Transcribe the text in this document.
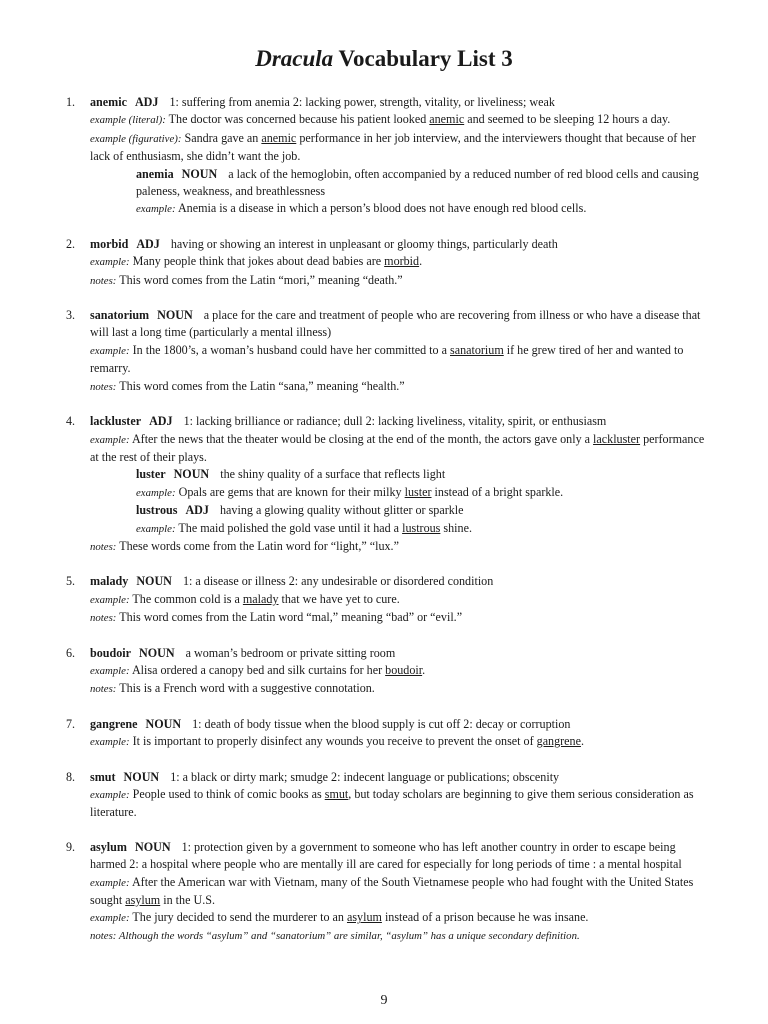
Dracula Vocabulary List 3
1. anemic ADJ 1: suffering from anemia 2: lacking power, strength, vitality, or liveliness; weak
example (literal): The doctor was concerned because his patient looked anemic and seemed to be sleeping 12 hours a day.
example (figurative): Sandra gave an anemic performance in her job interview, and the interviewers thought that because of her lack of enthusiasm, she didn’t want the job.
anemia NOUN a lack of the hemoglobin, often accompanied by a reduced number of red blood cells and causing paleness, weakness, and breathlessness
example: Anemia is a disease in which a person’s blood does not have enough red blood cells.
2. morbid ADJ having or showing an interest in unpleasant or gloomy things, particularly death
example: Many people think that jokes about dead babies are morbid.
notes: This word comes from the Latin “mori,” meaning “death.”
3. sanatorium NOUN a place for the care and treatment of people who are recovering from illness or who have a disease that will last a long time (particularly a mental illness)
example: In the 1800’s, a woman’s husband could have her committed to a sanatorium if he grew tired of her and wanted to remarry.
notes: This word comes from the Latin “sana,” meaning “health.”
4. lackluster ADJ 1: lacking brilliance or radiance; dull 2: lacking liveliness, vitality, spirit, or enthusiasm
example: After the news that the theater would be closing at the end of the month, the actors gave only a lackluster performance at the rest of their plays.
luster NOUN the shiny quality of a surface that reflects light
example: Opals are gems that are known for their milky luster instead of a bright sparkle.
lustrous ADJ having a glowing quality without glitter or sparkle
example: The maid polished the gold vase until it had a lustrous shine.
notes: These words come from the Latin word for “light,” “lux.”
5. malady NOUN 1: a disease or illness 2: any undesirable or disordered condition
example: The common cold is a malady that we have yet to cure.
notes: This word comes from the Latin word “mal,” meaning “bad” or “evil.”
6. boudoir NOUN a woman’s bedroom or private sitting room
example: Alisa ordered a canopy bed and silk curtains for her boudoir.
notes: This is a French word with a suggestive connotation.
7. gangrene NOUN 1: death of body tissue when the blood supply is cut off 2: decay or corruption
example: It is important to properly disinfect any wounds you receive to prevent the onset of gangrene.
8. smut NOUN 1: a black or dirty mark; smudge 2: indecent language or publications; obscenity
example: People used to think of comic books as smut, but today scholars are beginning to give them serious consideration as literature.
9. asylum NOUN 1: protection given by a government to someone who has left another country in order to escape being harmed 2: a hospital where people who are mentally ill are cared for especially for long periods of time : a mental hospital
example: After the American war with Vietnam, many of the South Vietnamese people who had fought with the United States sought asylum in the U.S.
example: The jury decided to send the murderer to an asylum instead of a prison because he was insane.
notes: Although the words “asylum” and “sanatorium” are similar, “asylum” has a unique secondary definition.
9
